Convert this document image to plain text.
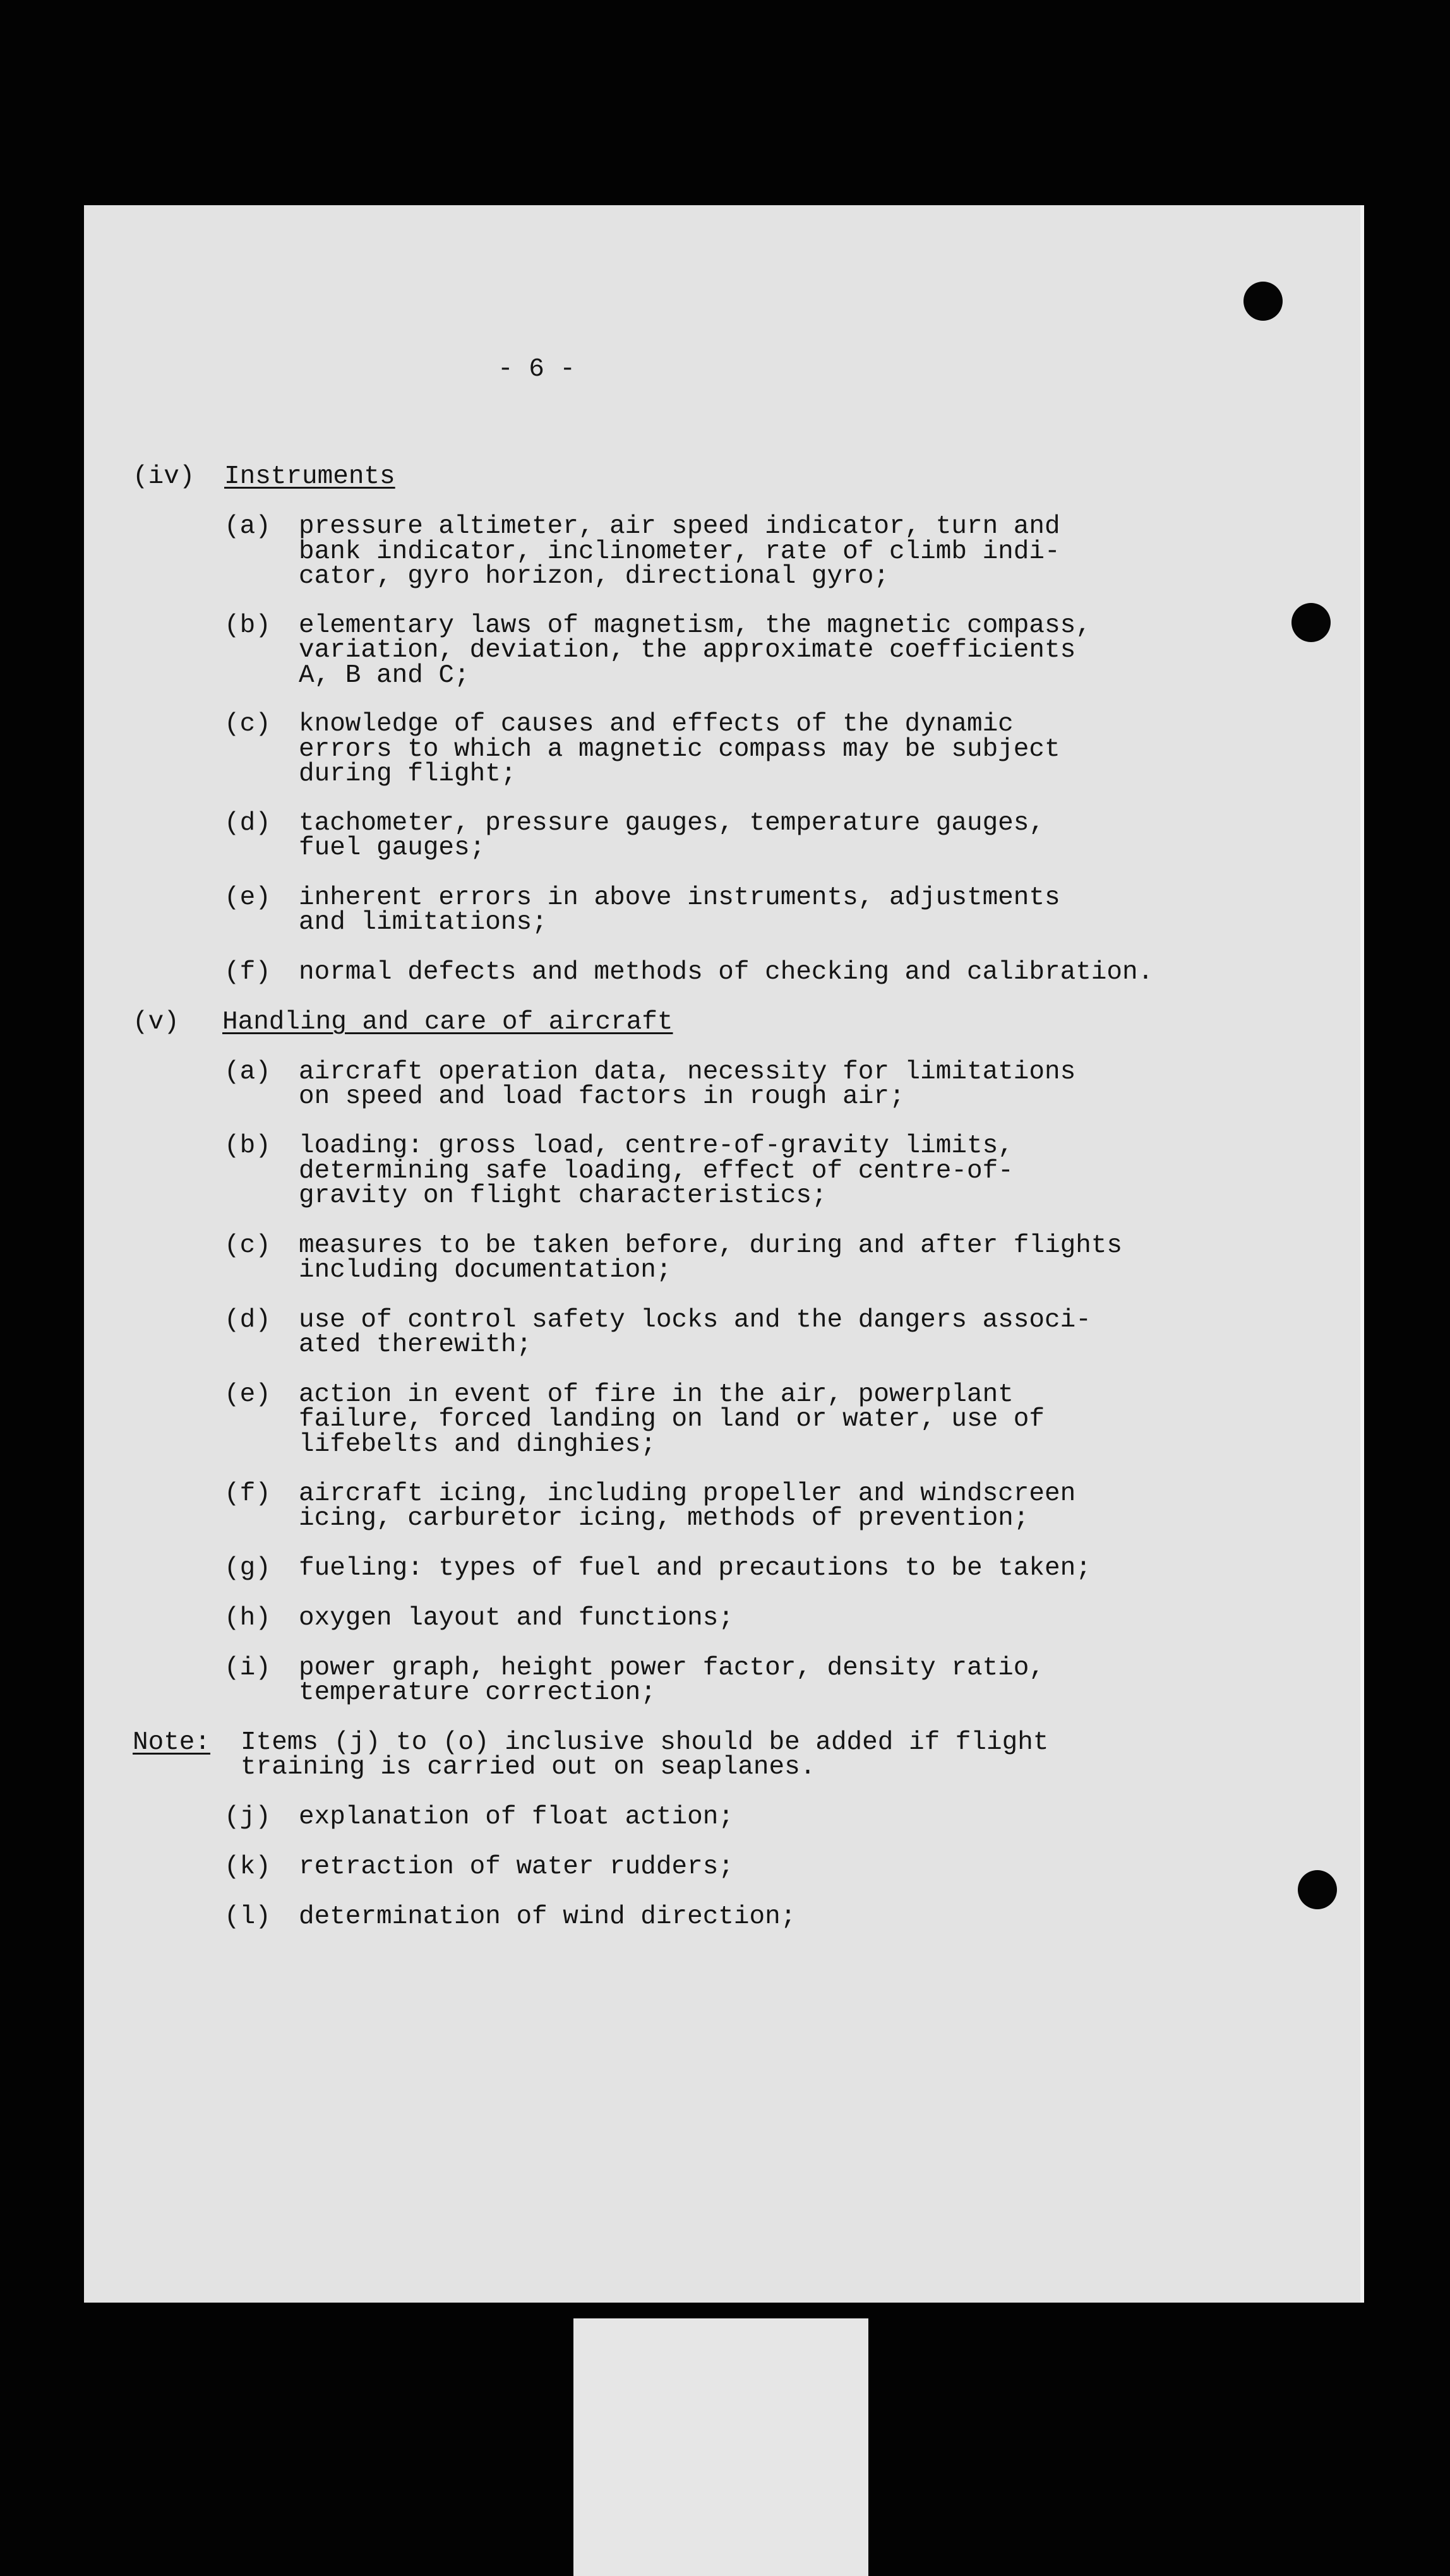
- 6 -

(iv) Instruments

(a) pressure altimeter, air speed indicator, turn and

bank indicator, inclinometer, rate of climb indi-

cator, gyro horizon, directional gyro;

(b) elementary laws of magnetism, the magnetic compass,

variation, deviation, the approximate coefficients

A, B and C;

(c) knowledge of causes and effects of the dynamic

errors to which a magnetic compass may be subject

during flight;

(d) tachometer, pressure gauges, temperature gauges,

fuel gauges;

(e) inherent errors in above instruments, adjustments

and limitations;

(f) normal defects and methods of checking and calibration.

(v) Handling and care of aircraft

(a) aircraft operation data, necessity for limitations

on speed and load factors in rough air;

(b) loading: gross load, centre-of-gravity limits,

determining safe loading, effect of centre-of-

gravity on flight characteristics;

(c) measures to be taken before, during and after flights

including documentation;

(d) use of control safety locks and the dangers associ-

ated therewith;

(e) action in event of fire in the air, powerplant

failure, forced landing on land or water, use of

lifebelts and dinghies;

(f) aircraft icing, including propeller and windscreen

icing, carburetor icing, methods of prevention;

(g) fueling: types of fuel and precautions to be taken;

(h) oxygen layout and functions;

(i) power graph, height power factor, density ratio,

temperature correction;

Note: Items (j) to (o) inclusive should be added if flight

training is carried out on seaplanes.

(j) explanation of float action;

(k) retraction of water rudders;

(l) determination of wind direction;
